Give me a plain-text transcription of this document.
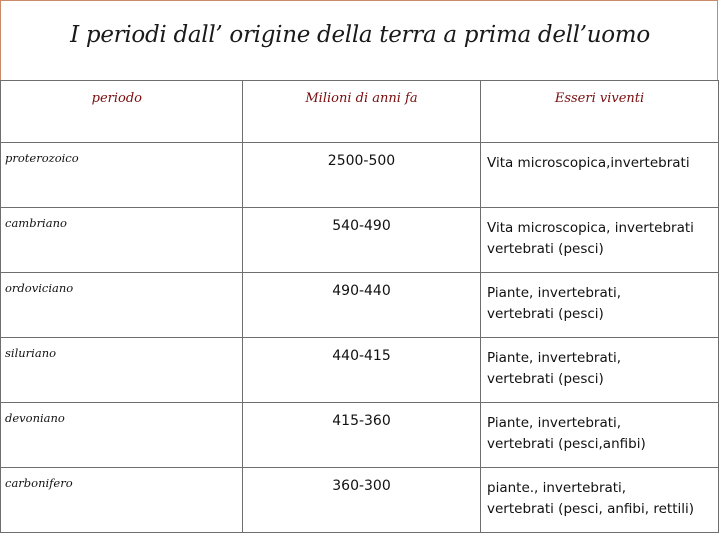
I periodi dall’ origine della terra a prima dell’uomo
periodo	Milioni di anni fa	Esseri viventi
proterozoico	2500-500	Vita microscopica,invertebrati

cambriano	540-490	Vita microscopica, invertebrati
vertebrati (pesci)

ordoviciano	490-440	Piante, invertebrati,
vertebrati (pesci)

siluriano	440-415	Piante, invertebrati,
vertebrati (pesci)

devoniano	415-360	Piante, invertebrati,
vertebrati (pesci,anfibi)

carbonifero	360-300	piante., invertebrati,
vertebrati (pesci, anfibi, rettili)
